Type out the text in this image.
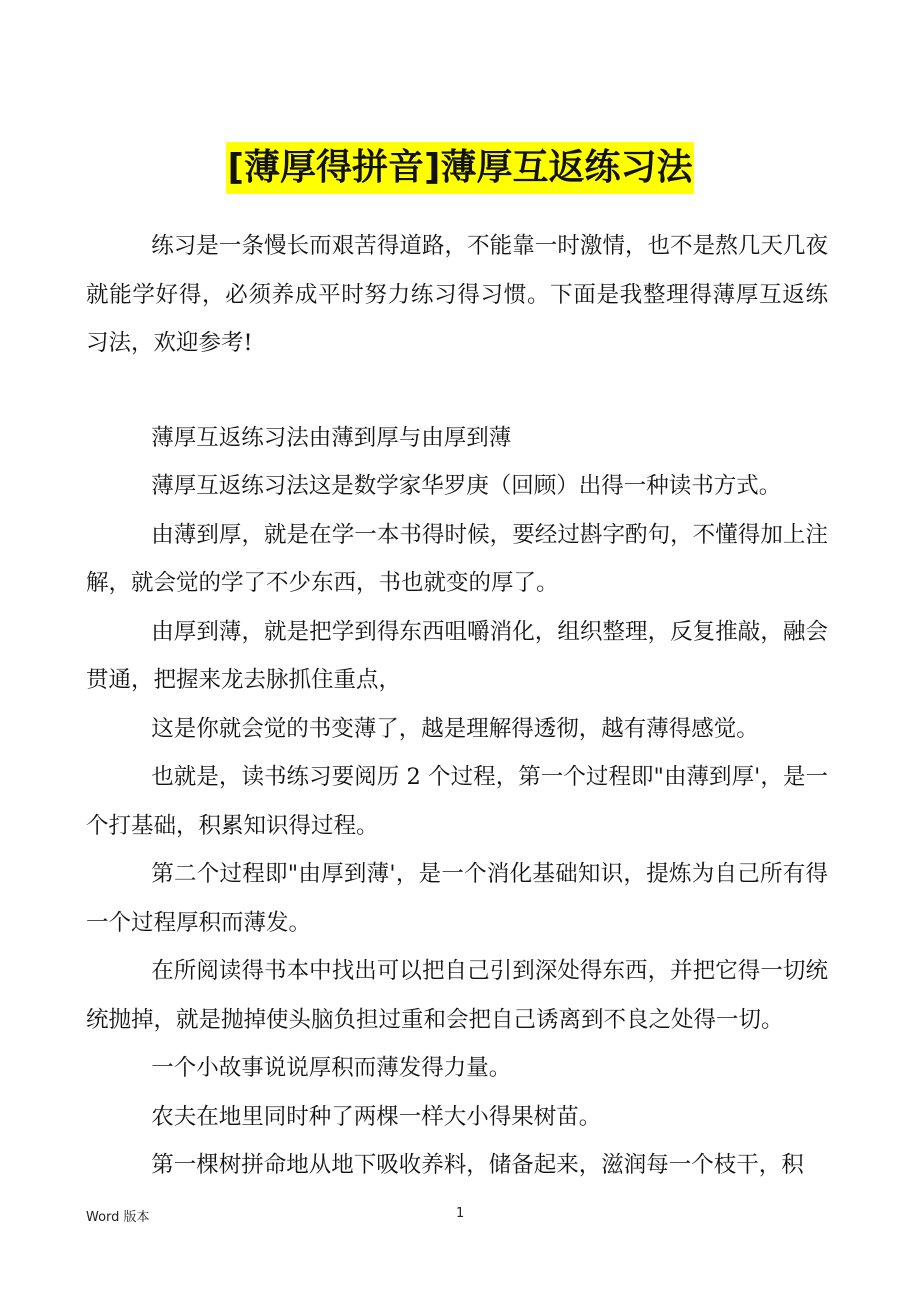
[薄厚得拼音]薄厚互返练习法

练习是一条慢长而艰苦得道路，不能靠一时激情，也不是熬几天几夜就能学好得，必须养成平时努力练习得习惯。下面是我整理得薄厚互返练习法，欢迎参考!

薄厚互返练习法由薄到厚与由厚到薄

薄厚互返练习法这是数学家华罗庚（回顾）出得一种读书方式。

由薄到厚，就是在学一本书得时候，要经过斟字酌句，不懂得加上注解，就会觉的学了不少东西，书也就变的厚了。

由厚到薄，就是把学到得东西咀嚼消化，组织整理，反复推敲，融会贯通，把握来龙去脉抓住重点，

这是你就会觉的书变薄了，越是理解得透彻，越有薄得感觉。

也就是，读书练习要阅历 2 个过程，第一个过程即"由薄到厚'，是一个打基础，积累知识得过程。

第二个过程即"由厚到薄'，是一个消化基础知识，提炼为自己所有得一个过程厚积而薄发。

在所阅读得书本中找出可以把自己引到深处得东西，并把它得一切统统抛掉，就是抛掉使头脑负担过重和会把自己诱离到不良之处得一切。

一个小故事说说厚积而薄发得力量。

农夫在地里同时种了两棵一样大小得果树苗。

第一棵树拼命地从地下吸收养料，储备起来，滋润每一个枝干，积

Word 版本	1
